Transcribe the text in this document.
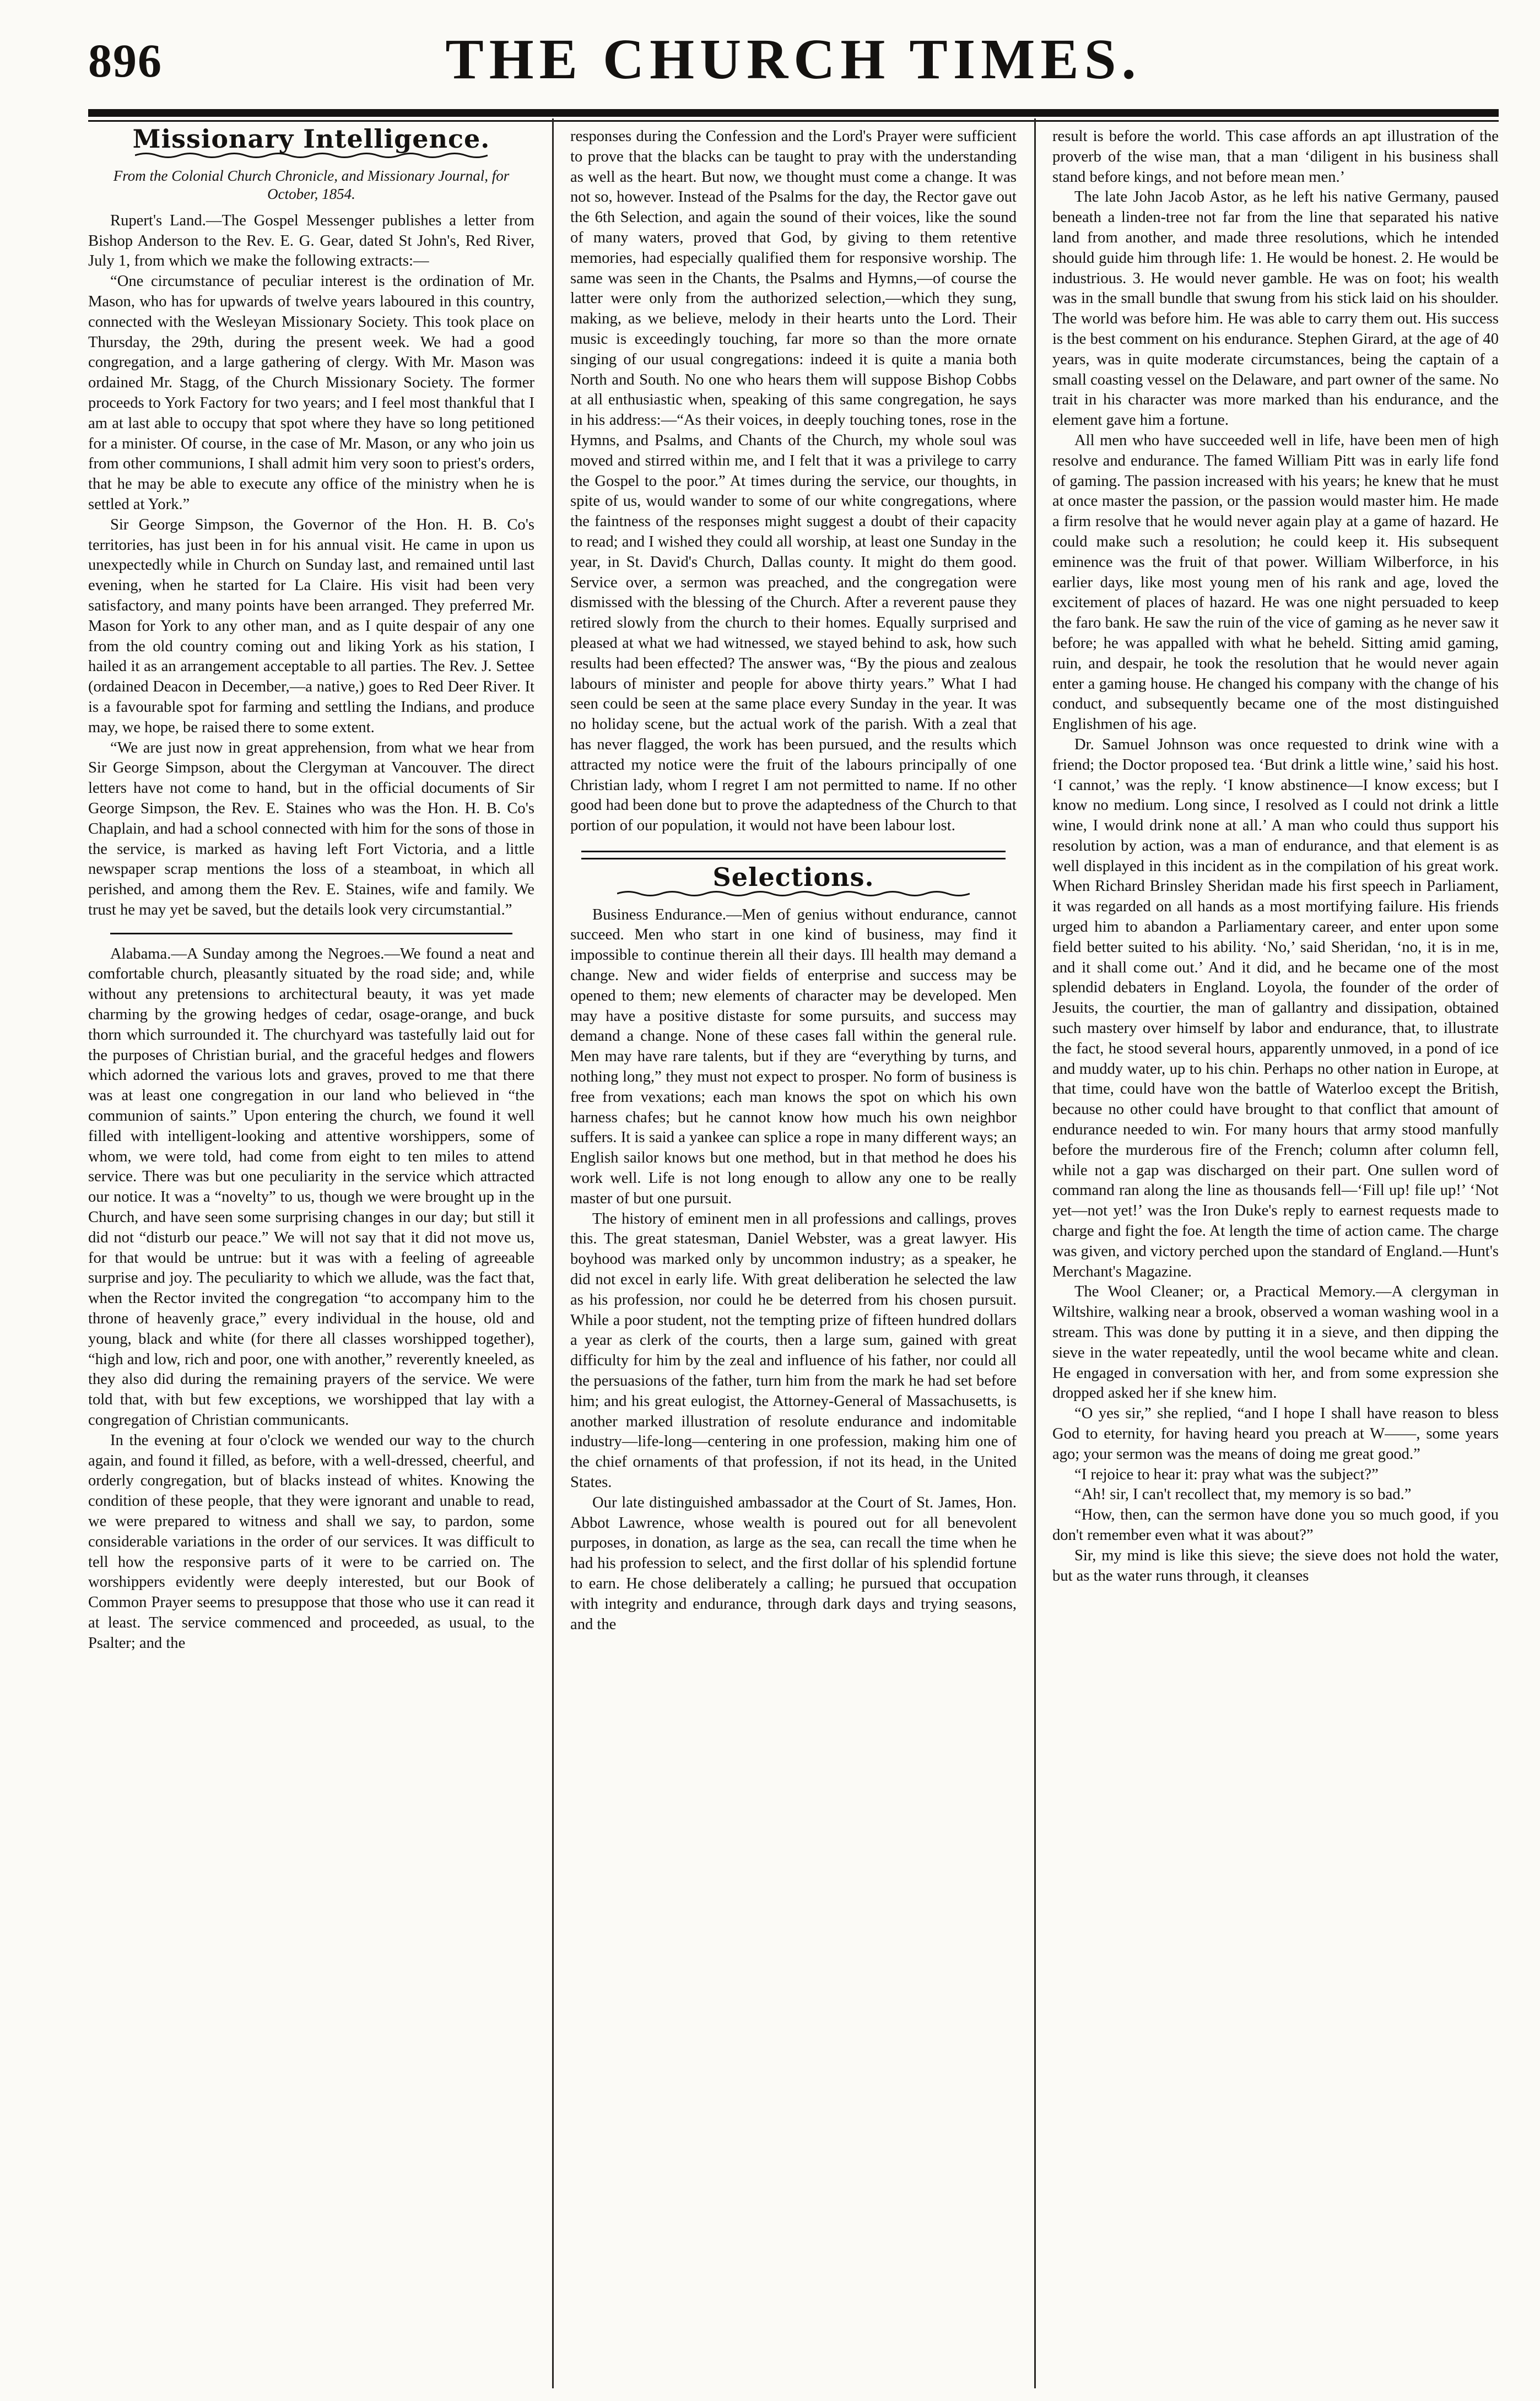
896	THE CHURCH TIMES.
Missionary Intelligence.
From the Colonial Church Chronicle, and Missionary Journal, for October, 1854.

Rupert's Land.—The Gospel Messenger publishes a letter from Bishop Anderson to the Rev. E. G. Gear, dated St John's, Red River, July 1, from which we make the following extracts:—

“One circumstance of peculiar interest is the ordination of Mr. Mason, who has for upwards of twelve years laboured in this country, connected with the Wesleyan Missionary Society. This took place on Thursday, the 29th, during the present week. We had a good congregation, and a large gathering of clergy. With Mr. Mason was ordained Mr. Stagg, of the Church Missionary Society. The former proceeds to York Factory for two years; and I feel most thankful that I am at last able to occupy that spot where they have so long petitioned for a minister. Of course, in the case of Mr. Mason, or any who join us from other communions, I shall admit him very soon to priest's orders, that he may be able to execute any office of the ministry when he is settled at York.”

Sir George Simpson, the Governor of the Hon. H. B. Co's territories, has just been in for his annual visit. He came in upon us unexpectedly while in Church on Sunday last, and remained until last evening, when he started for La Claire. His visit had been very satisfactory, and many points have been arranged. They preferred Mr. Mason for York to any other man, and as I quite despair of any one from the old country coming out and liking York as his station, I hailed it as an arrangement acceptable to all parties. The Rev. J. Settee (ordained Deacon in December,—a native,) goes to Red Deer River. It is a favourable spot for farming and settling the Indians, and produce may, we hope, be raised there to some extent.

“We are just now in great apprehension, from what we hear from Sir George Simpson, about the Clergyman at Vancouver. The direct letters have not come to hand, but in the official documents of Sir George Simpson, the Rev. E. Staines who was the Hon. H. B. Co's Chaplain, and had a school connected with him for the sons of those in the service, is marked as having left Fort Victoria, and a little newspaper scrap mentions the loss of a steamboat, in which all perished, and among them the Rev. E. Staines, wife and family. We trust he may yet be saved, but the details look very circumstantial.”

Alabama.—A Sunday among the Negroes.—We found a neat and comfortable church, pleasantly situated by the road side; and, while without any pretensions to architectural beauty, it was yet made charming by the growing hedges of cedar, osage-orange, and buck thorn which surrounded it. The churchyard was tastefully laid out for the purposes of Christian burial, and the graceful hedges and flowers which adorned the various lots and graves, proved to me that there was at least one congregation in our land who believed in “the communion of saints.” Upon entering the church, we found it well filled with intelligent-looking and attentive worshippers, some of whom, we were told, had come from eight to ten miles to attend service. There was but one peculiarity in the service which attracted our notice. It was a “novelty” to us, though we were brought up in the Church, and have seen some surprising changes in our day; but still it did not “disturb our peace.” We will not say that it did not move us, for that would be untrue: but it was with a feeling of agreeable surprise and joy. The peculiarity to which we allude, was the fact that, when the Rector invited the congregation “to accompany him to the throne of heavenly grace,” every individual in the house, old and young, black and white (for there all classes worshipped together), “high and low, rich and poor, one with another,” reverently kneeled, as they also did during the remaining prayers of the service. We were told that, with but few exceptions, we worshipped that lay with a congregation of Christian communicants.

In the evening at four o'clock we wended our way to the church again, and found it filled, as before, with a well-dressed, cheerful, and orderly congregation, but of blacks instead of whites. Knowing the condition of these people, that they were ignorant and unable to read, we were prepared to witness and shall we say, to pardon, some considerable variations in the order of our services. It was difficult to tell how the responsive parts of it were to be carried on. The worshippers evidently were deeply interested, but our Book of Common Prayer seems to presuppose that those who use it can read it at least. The service commenced and proceeded, as usual, to the Psalter; and the

responses during the Confession and the Lord's Prayer were sufficient to prove that the blacks can be taught to pray with the understanding as well as the heart. But now, we thought must come a change. It was not so, however. Instead of the Psalms for the day, the Rector gave out the 6th Selection, and again the sound of their voices, like the sound of many waters, proved that God, by giving to them retentive memories, had especially qualified them for responsive worship. The same was seen in the Chants, the Psalms and Hymns,—of course the latter were only from the authorized selection,—which they sung, making, as we believe, melody in their hearts unto the Lord. Their music is exceedingly touching, far more so than the more ornate singing of our usual congregations: indeed it is quite a mania both North and South. No one who hears them will suppose Bishop Cobbs at all enthusiastic when, speaking of this same congregation, he says in his address:—“As their voices, in deeply touching tones, rose in the Hymns, and Psalms, and Chants of the Church, my whole soul was moved and stirred within me, and I felt that it was a privilege to carry the Gospel to the poor.” At times during the service, our thoughts, in spite of us, would wander to some of our white congregations, where the faintness of the responses might suggest a doubt of their capacity to read; and I wished they could all worship, at least one Sunday in the year, in St. David's Church, Dallas county. It might do them good. Service over, a sermon was preached, and the congregation were dismissed with the blessing of the Church. After a reverent pause they retired slowly from the church to their homes. Equally surprised and pleased at what we had witnessed, we stayed behind to ask, how such results had been effected? The answer was, “By the pious and zealous labours of minister and people for above thirty years.” What I had seen could be seen at the same place every Sunday in the year. It was no holiday scene, but the actual work of the parish. With a zeal that has never flagged, the work has been pursued, and the results which attracted my notice were the fruit of the labours principally of one Christian lady, whom I regret I am not permitted to name. If no other good had been done but to prove the adaptedness of the Church to that portion of our population, it would not have been labour lost.

Selections.

Business Endurance.—Men of genius without endurance, cannot succeed. Men who start in one kind of business, may find it impossible to continue therein all their days. Ill health may demand a change. New and wider fields of enterprise and success may be opened to them; new elements of character may be developed. Men may have a positive distaste for some pursuits, and success may demand a change. None of these cases fall within the general rule. Men may have rare talents, but if they are “everything by turns, and nothing long,” they must not expect to prosper. No form of business is free from vexations; each man knows the spot on which his own harness chafes; but he cannot know how much his own neighbor suffers. It is said a yankee can splice a rope in many different ways; an English sailor knows but one method, but in that method he does his work well. Life is not long enough to allow any one to be really master of but one pursuit.

The history of eminent men in all professions and callings, proves this. The great statesman, Daniel Webster, was a great lawyer. His boyhood was marked only by uncommon industry; as a speaker, he did not excel in early life. With great deliberation he selected the law as his profession, nor could he be deterred from his chosen pursuit. While a poor student, not the tempting prize of fifteen hundred dollars a year as clerk of the courts, then a large sum, gained with great difficulty for him by the zeal and influence of his father, nor could all the persuasions of the father, turn him from the mark he had set before him; and his great eulogist, the Attorney-General of Massachusetts, is another marked illustration of resolute endurance and indomitable industry—life-long—centering in one profession, making him one of the chief ornaments of that profession, if not its head, in the United States.

Our late distinguished ambassador at the Court of St. James, Hon. Abbot Lawrence, whose wealth is poured out for all benevolent purposes, in donation, as large as the sea, can recall the time when he had his profession to select, and the first dollar of his splendid fortune to earn. He chose deliberately a calling; he pursued that occupation with integrity and endurance, through dark days and trying seasons, and the

result is before the world. This case affords an apt illustration of the proverb of the wise man, that a man ‘diligent in his business shall stand before kings, and not before mean men.’

The late John Jacob Astor, as he left his native Germany, paused beneath a linden-tree not far from the line that separated his native land from another, and made three resolutions, which he intended should guide him through life: 1. He would be honest. 2. He would be industrious. 3. He would never gamble. He was on foot; his wealth was in the small bundle that swung from his stick laid on his shoulder. The world was before him. He was able to carry them out. His success is the best comment on his endurance. Stephen Girard, at the age of 40 years, was in quite moderate circumstances, being the captain of a small coasting vessel on the Delaware, and part owner of the same. No trait in his character was more marked than his endurance, and the element gave him a fortune.

All men who have succeeded well in life, have been men of high resolve and endurance. The famed William Pitt was in early life fond of gaming. The passion increased with his years; he knew that he must at once master the passion, or the passion would master him. He made a firm resolve that he would never again play at a game of hazard. He could make such a resolution; he could keep it. His subsequent eminence was the fruit of that power. William Wilberforce, in his earlier days, like most young men of his rank and age, loved the excitement of places of hazard. He was one night persuaded to keep the faro bank. He saw the ruin of the vice of gaming as he never saw it before; he was appalled with what he beheld. Sitting amid gaming, ruin, and despair, he took the resolution that he would never again enter a gaming house. He changed his company with the change of his conduct, and subsequently became one of the most distinguished Englishmen of his age.

Dr. Samuel Johnson was once requested to drink wine with a friend; the Doctor proposed tea. ‘But drink a little wine,’ said his host. ‘I cannot,’ was the reply. ‘I know abstinence—I know excess; but I know no medium. Long since, I resolved as I could not drink a little wine, I would drink none at all.’ A man who could thus support his resolution by action, was a man of endurance, and that element is as well displayed in this incident as in the compilation of his great work. When Richard Brinsley Sheridan made his first speech in Parliament, it was regarded on all hands as a most mortifying failure. His friends urged him to abandon a Parliamentary career, and enter upon some field better suited to his ability. ‘No,’ said Sheridan, ‘no, it is in me, and it shall come out.’ And it did, and he became one of the most splendid debaters in England. Loyola, the founder of the order of Jesuits, the courtier, the man of gallantry and dissipation, obtained such mastery over himself by labor and endurance, that, to illustrate the fact, he stood several hours, apparently unmoved, in a pond of ice and muddy water, up to his chin. Perhaps no other nation in Europe, at that time, could have won the battle of Waterloo except the British, because no other could have brought to that conflict that amount of endurance needed to win. For many hours that army stood manfully before the murderous fire of the French; column after column fell, while not a gap was discharged on their part. One sullen word of command ran along the line as thousands fell—‘Fill up! file up!’ ‘Not yet—not yet!’ was the Iron Duke's reply to earnest requests made to charge and fight the foe. At length the time of action came. The charge was given, and victory perched upon the standard of England.—Hunt's Merchant's Magazine.

The Wool Cleaner; or, a Practical Memory.—A clergyman in Wiltshire, walking near a brook, observed a woman washing wool in a stream. This was done by putting it in a sieve, and then dipping the sieve in the water repeatedly, until the wool became white and clean. He engaged in conversation with her, and from some expression she dropped asked her if she knew him.

“O yes sir,” she replied, “and I hope I shall have reason to bless God to eternity, for having heard you preach at W——, some years ago; your sermon was the means of doing me great good.”

“I rejoice to hear it: pray what was the subject?”

“Ah! sir, I can't recollect that, my memory is so bad.”

“How, then, can the sermon have done you so much good, if you don't remember even what it was about?”

Sir, my mind is like this sieve; the sieve does not hold the water, but as the water runs through, it cleanses
